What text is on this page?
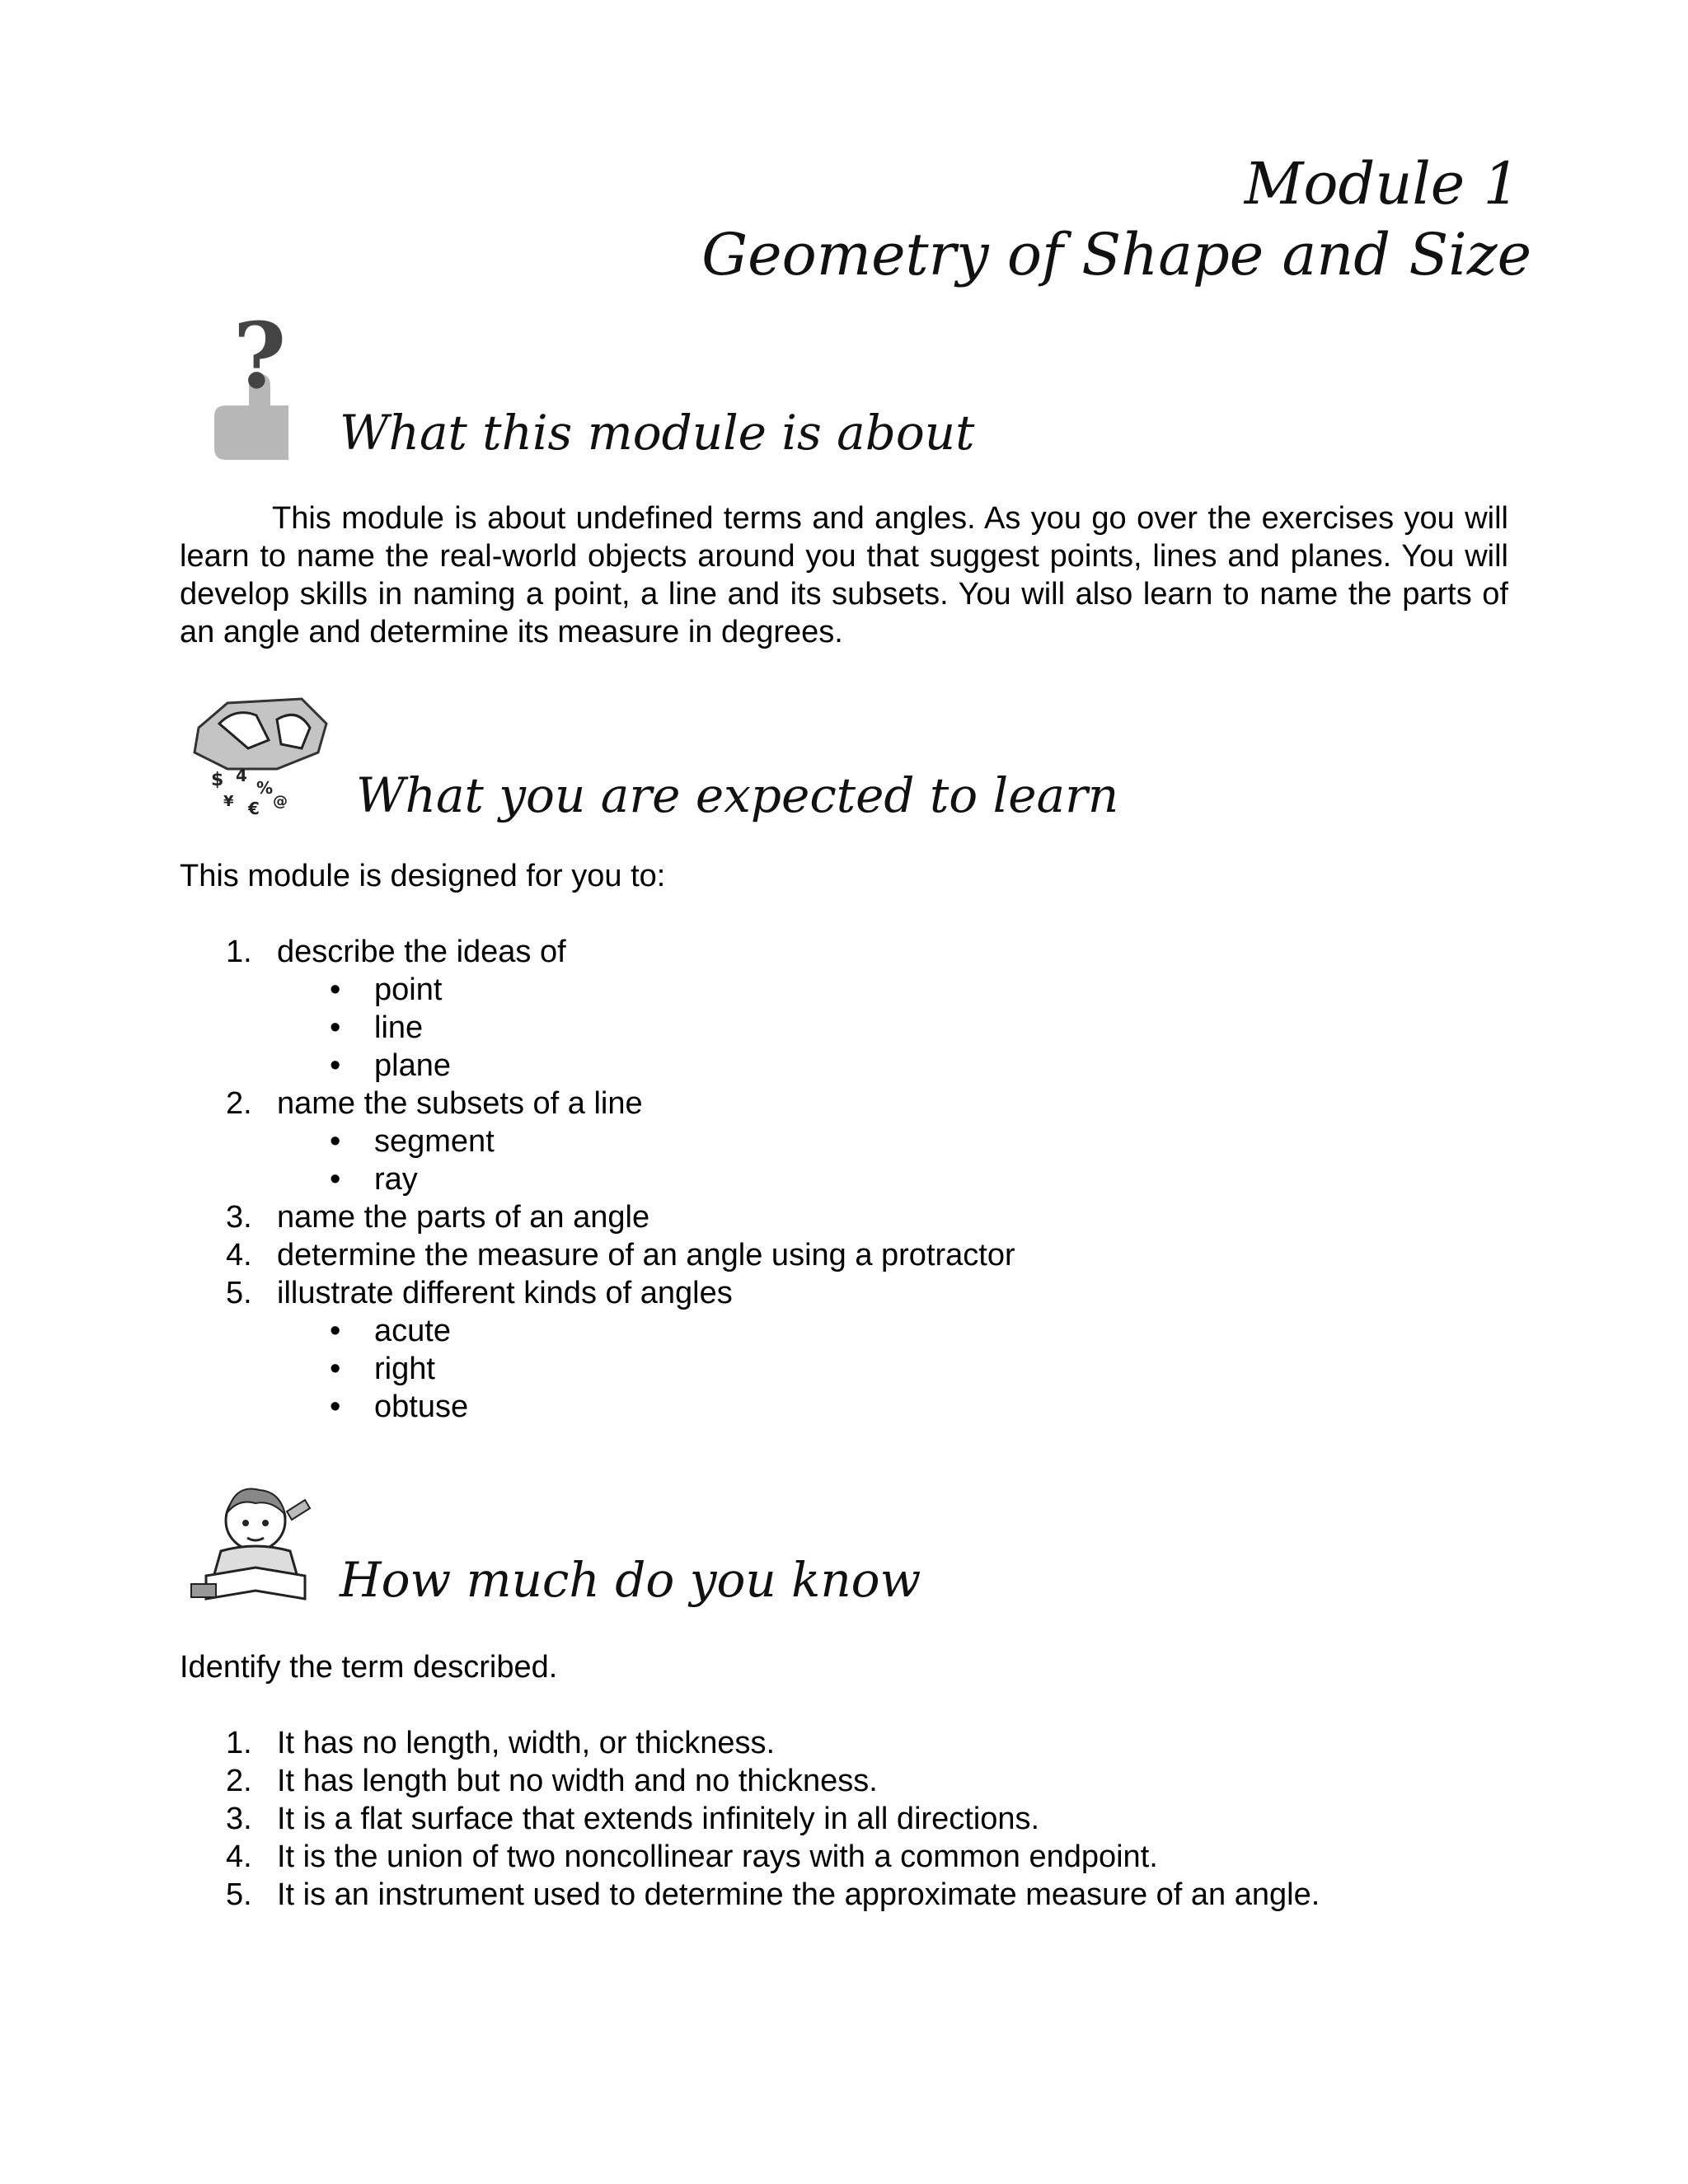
Module 1
Geometry of Shape and Size
?
What this module is about
This module is about undefined terms and angles. As you go over the exercises you will learn to name the real-world objects around you that suggest points, lines and planes. You will develop skills in naming a point, a line and its subsets. You will also learn to name the parts of an angle and determine its measure in degrees.
$ 4
%
¥ € @ What you are expected to learn
This module is designed for you to:
1. describe the ideas of
• point
• line
• plane
2. name the subsets of a line
• segment
• ray
3. name the parts of an angle
4. determine the measure of an angle using a protractor
5. illustrate different kinds of angles
• acute
• right
• obtuse
How much do you know
Identify the term described.
1. It has no length, width, or thickness.
2. It has length but no width and no thickness.
3. It is a flat surface that extends infinitely in all directions.
4. It is the union of two noncollinear rays with a common endpoint.
5. It is an instrument used to determine the approximate measure of an angle.
